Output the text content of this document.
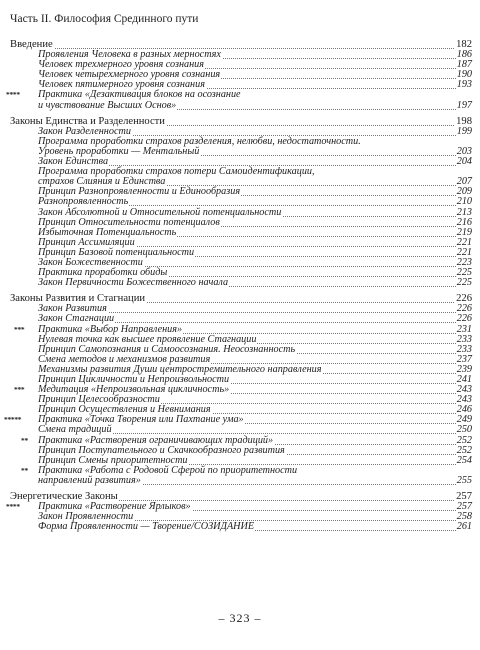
Часть II. Философия Срединного пути
Введение	182
Проявления Человека в разных мерностях	186
Человек трехмерного уровня сознания	187
Человек четырехмерного уровня сознания	190
Человек пятимерного уровня сознания	193
**** Практика «Дезактивация блоков на осознание
и чувствование Высших Основ»	197
Законы Единства и Разделенности	198
Закон Разделенности	199
Программа проработки страхов разделения, нелюбви, недостаточности.
Уровень проработки — Ментальный	203
Закон Единства	204
Программа проработки страхов потери Самоидентификации,
страхов Слияния и Единства	207
Принцип Разнопроявленности и Единообразия	209
Разнопроявленность	210
Закон Абсолютной и Относительной потенциальности	213
Принцип Относительности потенциалов	216
Избыточная Потенциальность	219
Принцип Ассимиляции	221
Принцип Базовой потенциальности	221
Закон Божественности	223
Практика проработки обиды	225
Закон Первичности Божественного начала	225
Законы Развития и Стагнации	226
Закон Развития	226
Закон Стагнации	226
*** Практика «Выбор Направления»	231
Нулевая точка как высшее проявление Стагнации	233
Принцип Самопознания и Самоосознания. Неосознанность	233
Смена методов и механизмов развития	237
Механизмы развития Души центростремительного направления	239
Принцип Цикличности и Непроизвольности	241
*** Медитация «Непроизвольная цикличность»	243
Принцип Целесообразности	243
Принцип Осуществления и Невнимания	246
***** Практика «Точка Творения или Пахтание ума»	249
Смена традиций	250
** Практика «Растворения ограничивающих традиций»	252
Принцип Поступательного и Скачкообразного развития	252
Принцип Смены приоритетности	254
** Практика «Работа с Родовой Сферой по приоритетности
направлений развития»	255
Энергетические Законы	257
**** Практика «Растворение Ярлыков»	257
Закон Проявленности	258
Форма Проявленности — Творение/СОЗИДАНИЕ	261
– 323 –
